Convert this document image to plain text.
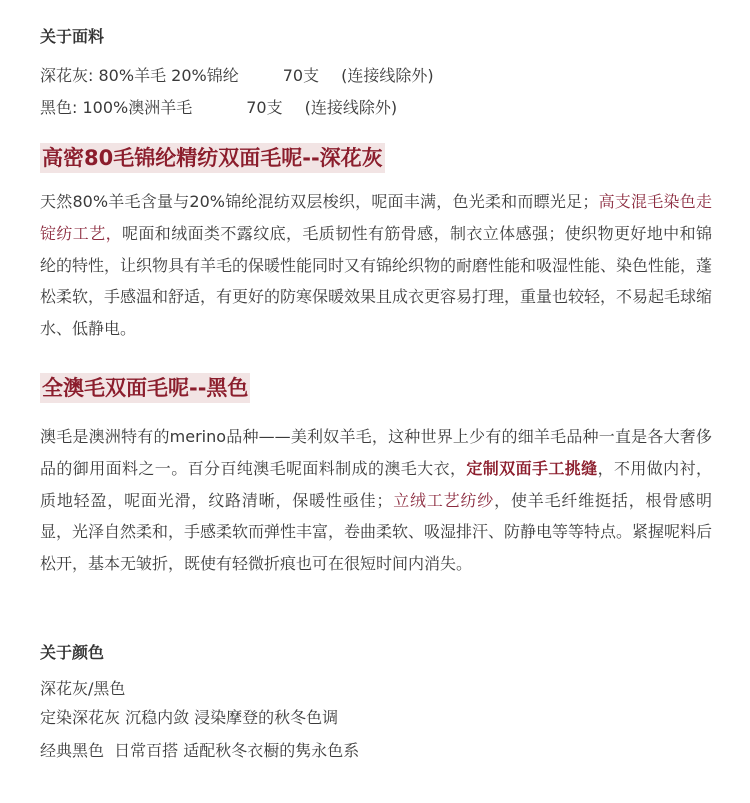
关于面料
深花灰: 80%羊毛 20%锦纶	70支 (连接线除外)
黑色: 100%澳洲羊毛	70支 (连接线除外)
高密80毛锦纶精纺双面毛呢--深花灰
天然80%羊毛含量与20%锦纶混纺双层梭织，呢面丰满，色光柔和而瞟光足；高支混毛染色走锭纺工艺，呢面和绒面类不露纹底，毛质韧性有筋骨感，制衣立体感强；使织物更好地中和锦纶的特性，让织物具有羊毛的保暖性能同时又有锦纶织物的耐磨性能和吸湿性能、染色性能，蓬松柔软，手感温和舒适，有更好的防寒保暖效果且成衣更容易打理，重量也较轻，不易起毛球缩水、低静电。
全澳毛双面毛呢--黑色
澳毛是澳洲特有的merino品种——美利奴羊毛，这种世界上少有的细羊毛品种一直是各大奢侈品的御用面料之一。百分百纯澳毛呢面料制成的澳毛大衣，定制双面手工挑缝，不用做内衬，质地轻盈，呢面光滑，纹路清晰，保暖性亟佳；立绒工艺纺纱，使羊毛纤维挺括，根骨感明显，光泽自然柔和，手感柔软而弹性丰富，卷曲柔软、吸湿排汗、防静电等等特点。紧握呢料后松开，基本无皱折，既使有轻微折痕也可在很短时间内消失。
关于颜色
深花灰/黑色
定染深花灰 沉稳内敛 浸染摩登的秋冬色调
经典黑色  日常百搭 适配秋冬衣橱的隽永色系
